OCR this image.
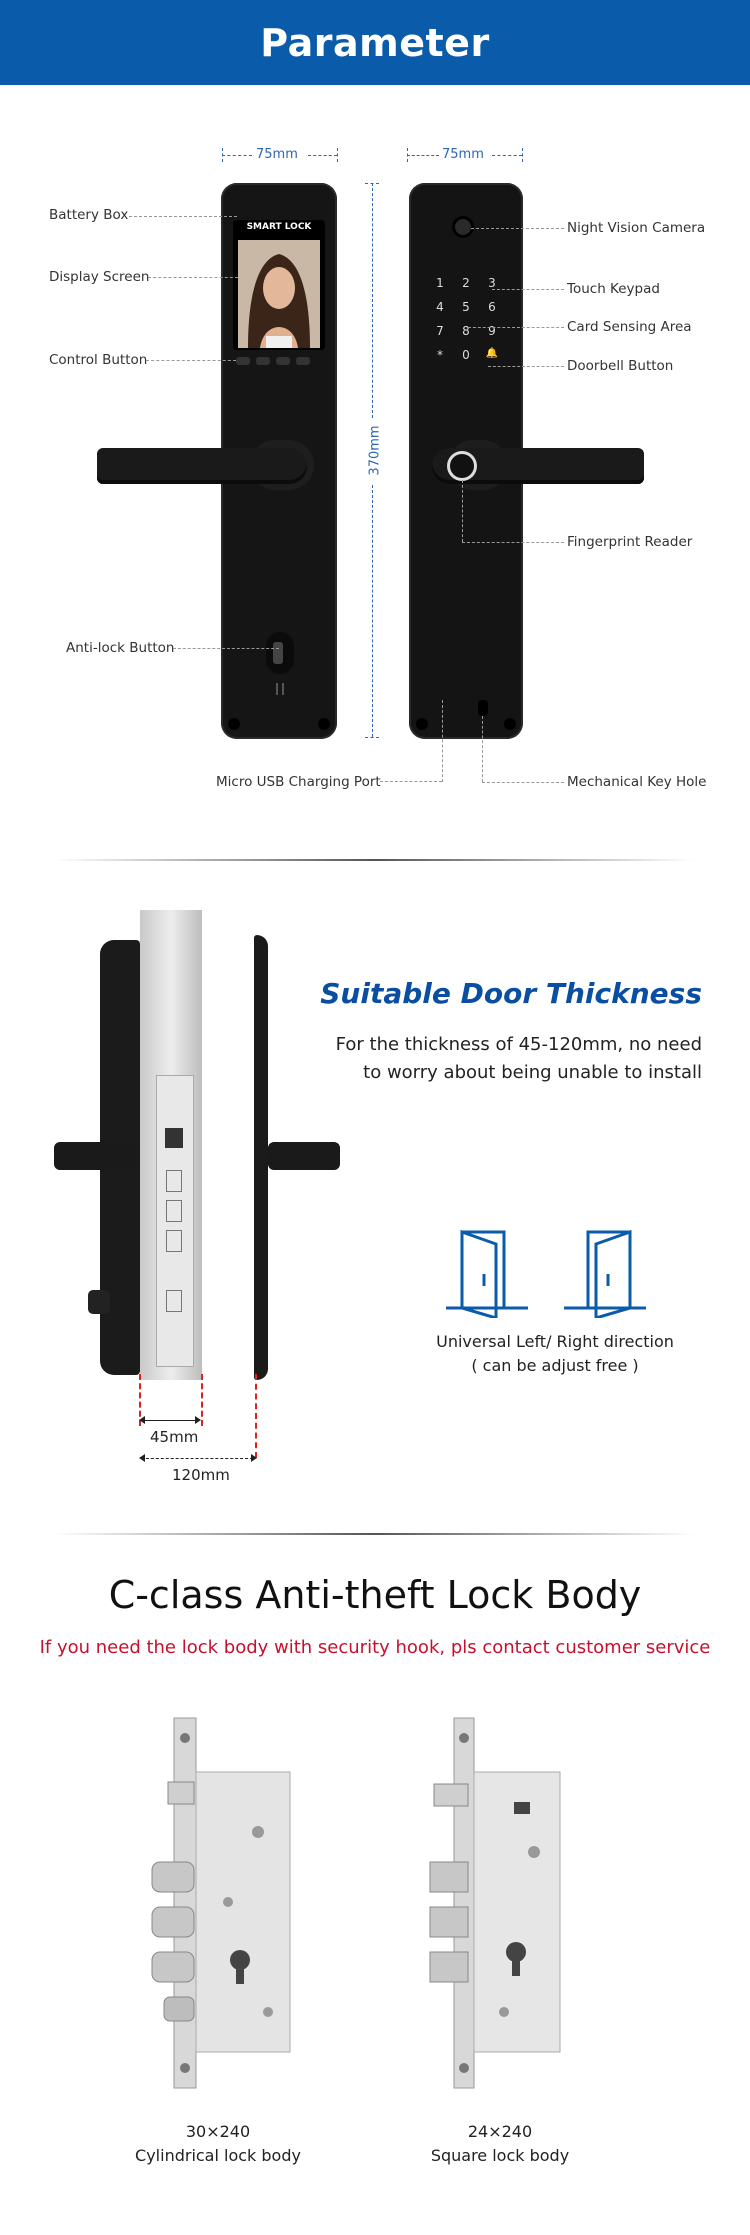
Parameter
75mm	75mm
370mm
SMART LOCK
1	2	3
4	5	6
7	8	9
*	0	🔔
Battery Box
Display Screen
Control Button
Anti-lock Button
Micro USB Charging Port
Night Vision Camera
Touch Keypad
Card Sensing Area
Doorbell Button
Fingerprint Reader
Mechanical Key Hole
45mm
120mm
Suitable Door Thickness
For the thickness of 45-120mm, no need
to worry about being unable to install
Universal Left/ Right direction
( can be adjust free )
C-class Anti-theft Lock Body
If you need the lock body with security hook, pls contact customer service
30×240
Cylindrical lock body
24×240
Square lock body
